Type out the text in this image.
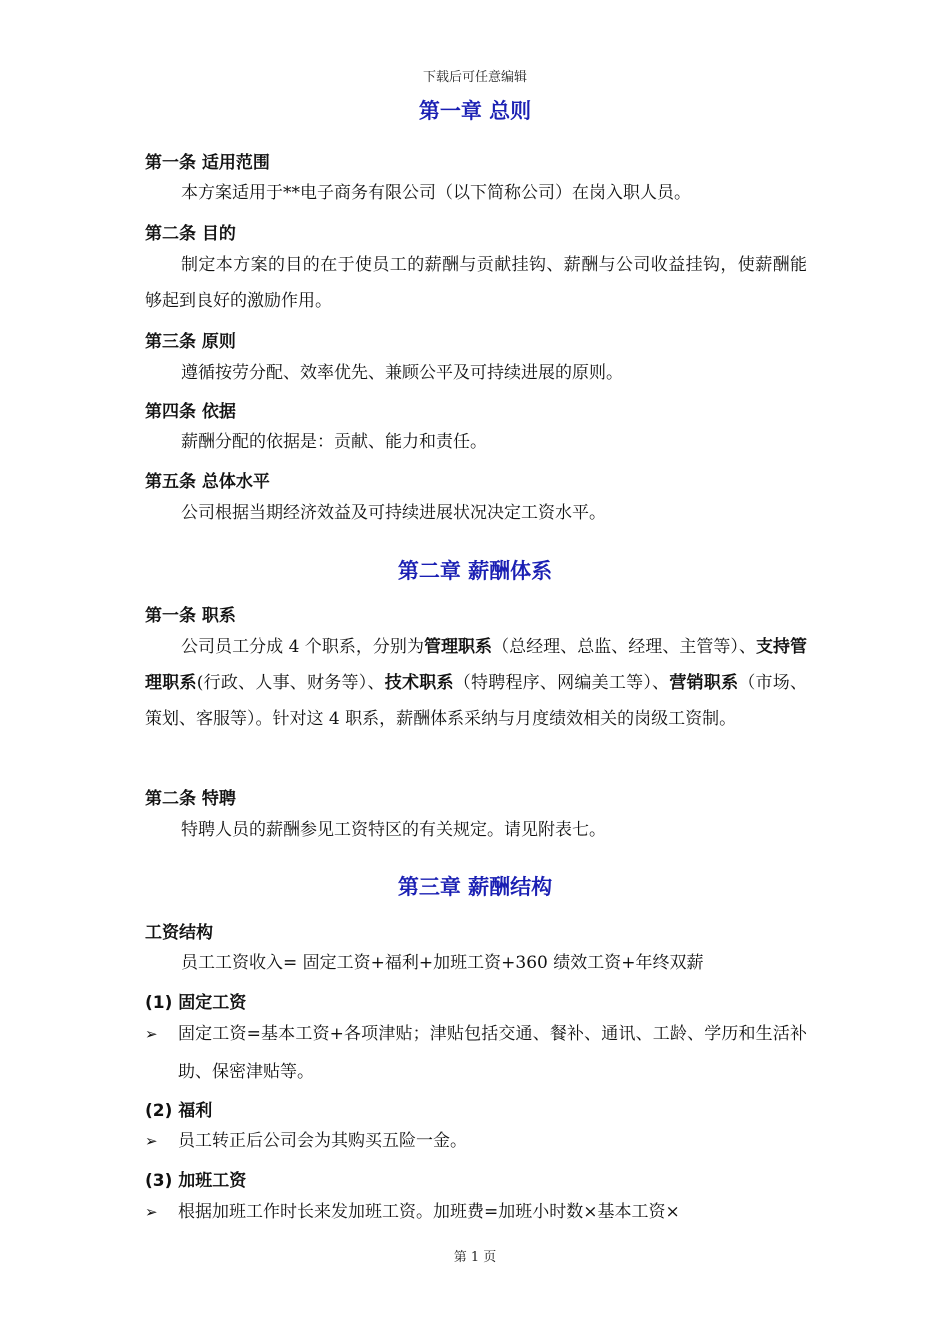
下载后可任意编辑
第一章 总则
第一条 适用范围
本方案适用于**电子商务有限公司（以下简称公司）在岗入职人员。
第二条 目的
制定本方案的目的在于使员工的薪酬与贡献挂钩、薪酬与公司收益挂钩，使薪酬能够起到良好的激励作用。
第三条 原则
遵循按劳分配、效率优先、兼顾公平及可持续进展的原则。
第四条 依据
薪酬分配的依据是：贡献、能力和责任。
第五条 总体水平
公司根据当期经济效益及可持续进展状况决定工资水平。
第二章 薪酬体系
第一条 职系
公司员工分成 4 个职系，分别为管理职系（总经理、总监、经理、主管等）、支持管理职系(行政、人事、财务等）、技术职系（特聘程序、网编美工等）、营销职系（市场、策划、客服等）。针对这 4 职系，薪酬体系采纳与月度绩效相关的岗级工资制。
第二条 特聘
特聘人员的薪酬参见工资特区的有关规定。请见附表七。
第三章 薪酬结构
工资结构
员工工资收入= 固定工资+福利+加班工资+360 绩效工资+年终双薪
(1) 固定工资
➢ 固定工资=基本工资+各项津贴；津贴包括交通、餐补、通讯、工龄、学历和生活补助、保密津贴等。
(2) 福利
➢ 员工转正后公司会为其购买五险一金。
(3) 加班工资
➢ 根据加班工作时长来发加班工资。加班费=加班小时数×基本工资×
第 1 页
